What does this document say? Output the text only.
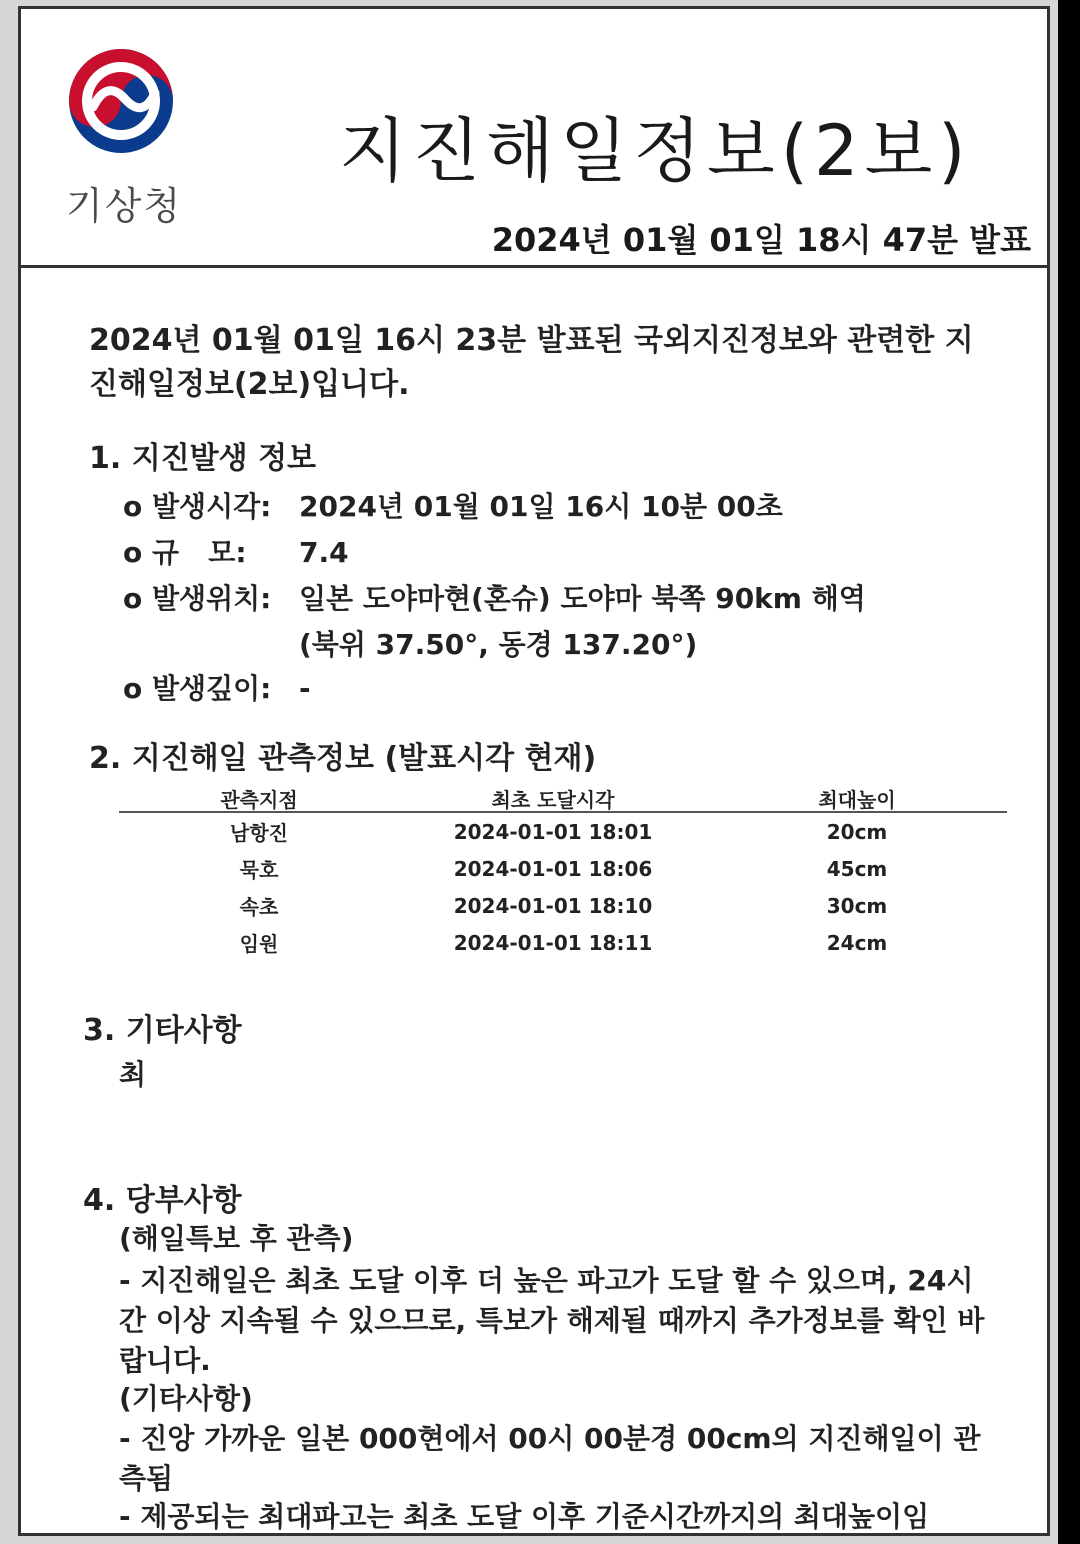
기상청
지진해일정보(2보)
2024년 01월 01일 18시 47분 발표
2024년 01월 01일 16시 23분 발표된 국외지진정보와 관련한 지진해일정보(2보)입니다.
1. 지진발생 정보
o 발생시각: 2024년 01월 01일 16시 10분 00초
o 규   모: 7.4
o 발생위치: 일본 도야마현(혼슈) 도야마 북쪽 90km 해역
(북위 37.50°, 동경 137.20°)
o 발생깊이: -
2. 지진해일 관측정보 (발표시각 현재)
관측지점	최초 도달시각	최대높이
남항진	2024-01-01 18:01	20cm
묵호	2024-01-01 18:06	45cm
속초	2024-01-01 18:10	30cm
임원	2024-01-01 18:11	24cm
3. 기타사항
최
4. 당부사항
(해일특보 후 관측)
- 지진해일은 최초 도달 이후 더 높은 파고가 도달 할 수 있으며, 24시간 이상 지속될 수 있으므로, 특보가 해제될 때까지 추가정보를 확인 바랍니다.
(기타사항)
- 진앙 가까운 일본 000현에서 00시 00분경 00cm의 지진해일이 관측됨
- 제공되는 최대파고는 최초 도달 이후 기준시간까지의 최대높이임
